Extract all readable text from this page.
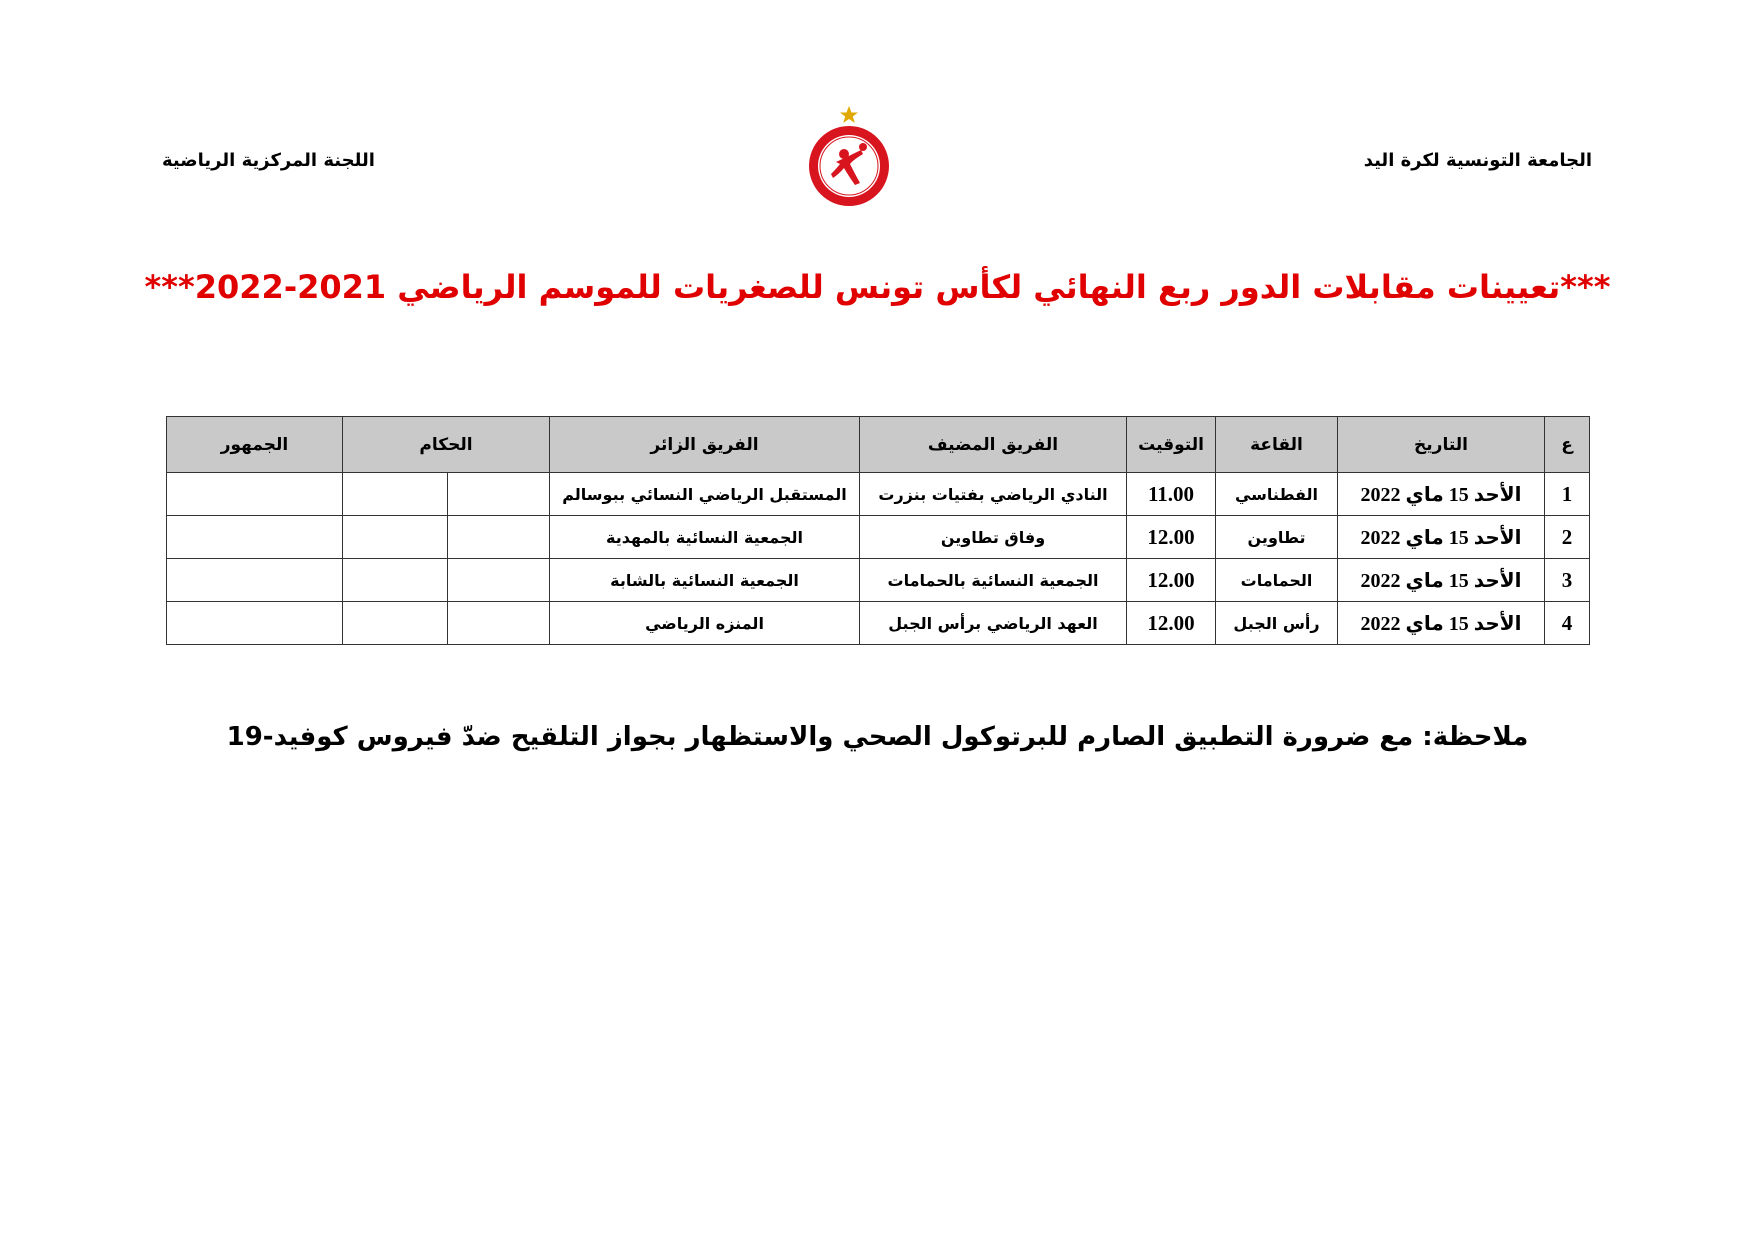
الجامعة التونسية لكرة اليد
اللجنة المركزية الرياضية
***تعيينات مقابلات الدور ربع النهائي لكأس تونس للصغريات للموسم الرياضي 2021-2022***
ع	التاريخ	القاعة	التوقيت	الفريق المضيف	الفريق الزائر	الحكام		الجمهور
1	الأحد 15 ماي 2022	الفطناسي	11.00	النادي الرياضي بفتيات بنزرت	المستقبل الرياضي النسائي ببوسالم			
2	الأحد 15 ماي 2022	تطاوين	12.00	وفاق تطاوين	الجمعية النسائية بالمهدية			
3	الأحد 15 ماي 2022	الحمامات	12.00	الجمعية النسائية بالحمامات	الجمعية النسائية بالشابة			
4	الأحد 15 ماي 2022	رأس الجبل	12.00	العهد الرياضي برأس الجبل	المنزه الرياضي			
ملاحظة: مع ضرورة التطبيق الصارم للبرتوكول الصحي والاستظهار بجواز التلقيح ضدّ فيروس كوفيد-19
